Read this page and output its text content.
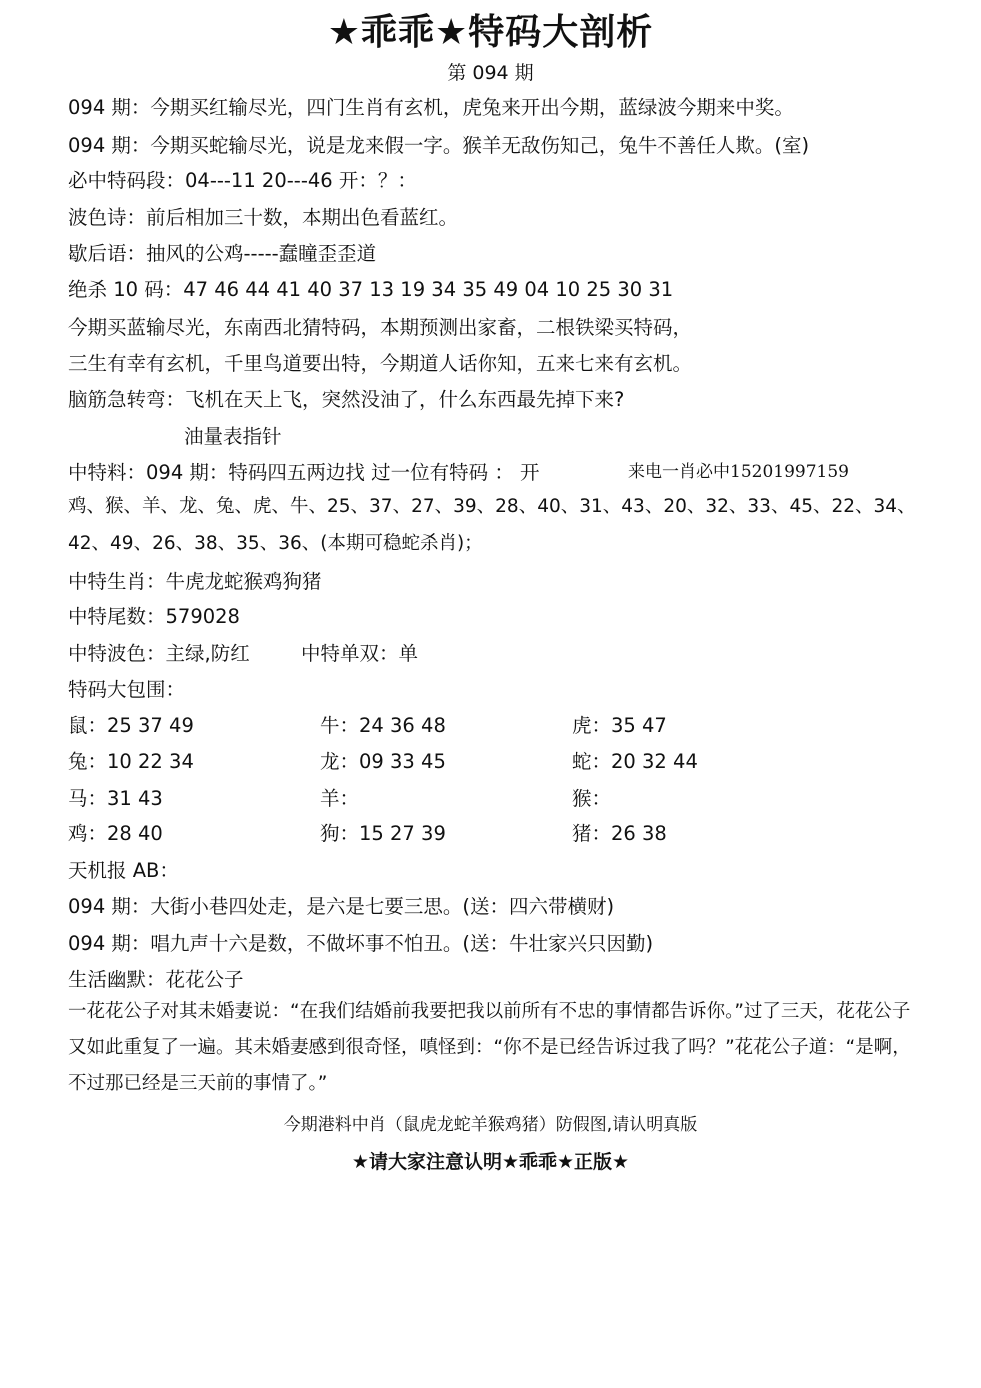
★乖乖★特码大剖析
第 094 期
094 期：今期买红输尽光，四门生肖有玄机，虎兔来开出今期，蓝绿波今期来中奖。
094 期：今期买蛇输尽光，说是龙来假一字。猴羊无敌伤知己，兔牛不善任人欺。(室)
必中特码段：04---11 20---46 开：？：
波色诗：前后相加三十数，本期出色看蓝红。
歇后语：抽风的公鸡-----蠢瞳歪歪道
绝杀 10 码：47 46 44 41 40 37 13 19 34 35 49 04 10 25 30 31
今期买蓝输尽光，东南西北猜特码，本期预测出家畜，二根铁梁买特码，
三生有幸有玄机，千里鸟道要出特，今期道人话你知，五来七来有玄机。
脑筋急转弯：飞机在天上飞，突然没油了，什么东西最先掉下来?
油量表指针
中特料：094 期：特码四五两边找 过一位有特码 ： 开	来电一肖必中15201997159
鸡、猴、羊、龙、兔、虎、牛、25、37、27、39、28、40、31、43、20、32、33、45、22、34、
42、49、26、38、35、36、(本期可稳蛇杀肖)；
中特生肖：牛虎龙蛇猴鸡狗猪
中特尾数：579028
中特波色：主绿,防红	中特单双：单
特码大包围：
鼠：25 37 49	牛：24 36 48	虎：35 47
兔：10 22 34	龙：09 33 45	蛇：20 32 44
马：31 43	羊：	猴：
鸡：28 40	狗：15 27 39	猪：26 38
天机报 AB：
094 期：大街小巷四处走，是六是七要三思。(送：四六带横财)
094 期：唱九声十六是数，不做坏事不怕丑。(送：牛壮家兴只因勤)
生活幽默：花花公子
一花花公子对其未婚妻说：“在我们结婚前我要把我以前所有不忠的事情都告诉你。”过了三天，花花公子又如此重复了一遍。其未婚妻感到很奇怪，嗔怪到：“你不是已经告诉过我了吗？”花花公子道：“是啊，不过那已经是三天前的事情了。”
今期港料中肖（鼠虎龙蛇羊猴鸡猪）防假图,请认明真版
★请大家注意认明★乖乖★正版★
